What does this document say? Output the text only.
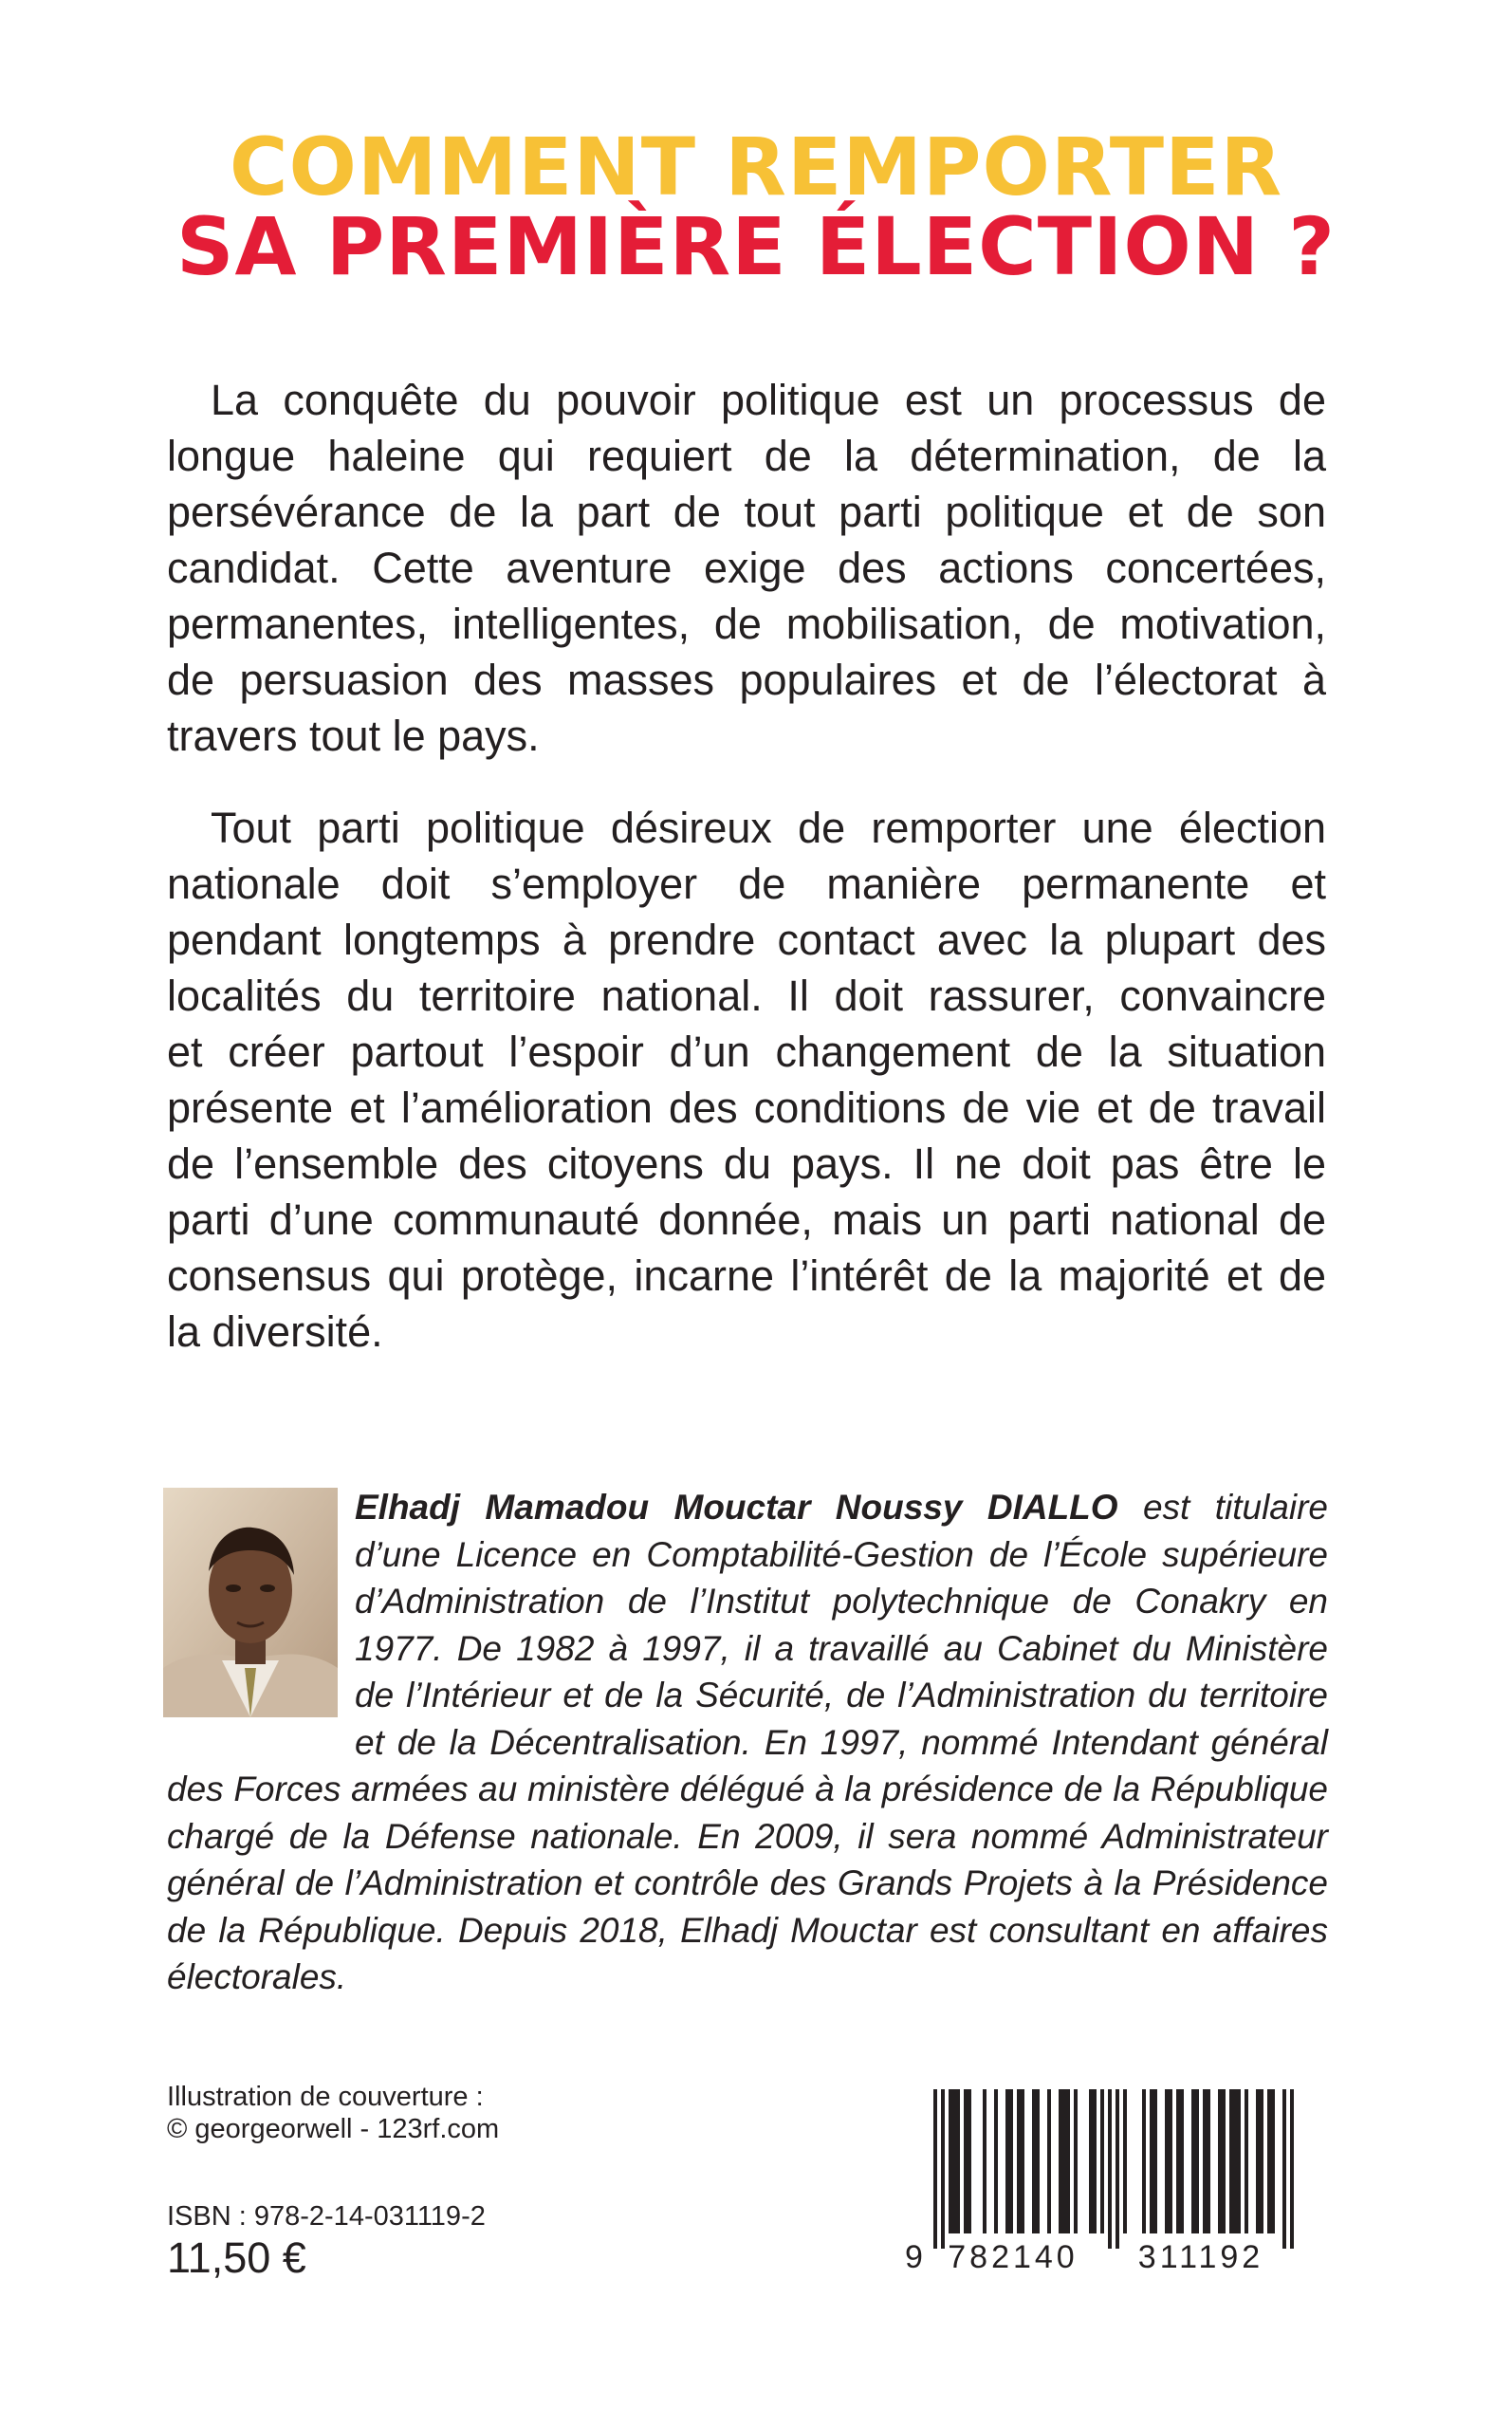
COMMENT REMPORTER
SA PREMIÈRE ÉLECTION ?
La conquête du pouvoir politique est un processus de
longue haleine qui requiert de la détermination, de la
persévérance de la part de tout parti politique et de son
candidat. Cette aventure exige des actions concertées,
permanentes, intelligentes, de mobilisation, de motivation,
de persuasion des masses populaires et de l’électorat à
travers tout le pays.
Tout parti politique désireux de remporter une élection
nationale doit s’employer de manière permanente et
pendant longtemps à prendre contact avec la plupart des
localités du territoire national. Il doit rassurer, convaincre
et créer partout l’espoir d’un changement de la situation
présente et l’amélioration des conditions de vie et de travail
de l’ensemble des citoyens du pays. Il ne doit pas être le
parti d’une communauté donnée, mais un parti national de
consensus qui protège, incarne l’intérêt de la majorité et de
la diversité.
Elhadj Mamadou Mouctar Noussy DIALLO est titulaire
d’une Licence en Comptabilité-Gestion de l’École supérieure
d’Administration de l’Institut polytechnique de Conakry en
1977. De 1982 à 1997, il a travaillé au Cabinet du Ministère
de l’Intérieur et de la Sécurité, de l’Administration du territoire
et de la Décentralisation. En 1997, nommé Intendant général
des Forces armées au ministère délégué à la présidence de la République
chargé de la Défense nationale. En 2009, il sera nommé Administrateur
général de l’Administration et contrôle des Grands Projets à la Présidence
de la République. Depuis 2018, Elhadj Mouctar est consultant en affaires
électorales.

Illustration de couverture :

© georgeorwell - 123rf.com

ISBN : 978-2-14-031119-2

11,50 €	9 782140 311192
